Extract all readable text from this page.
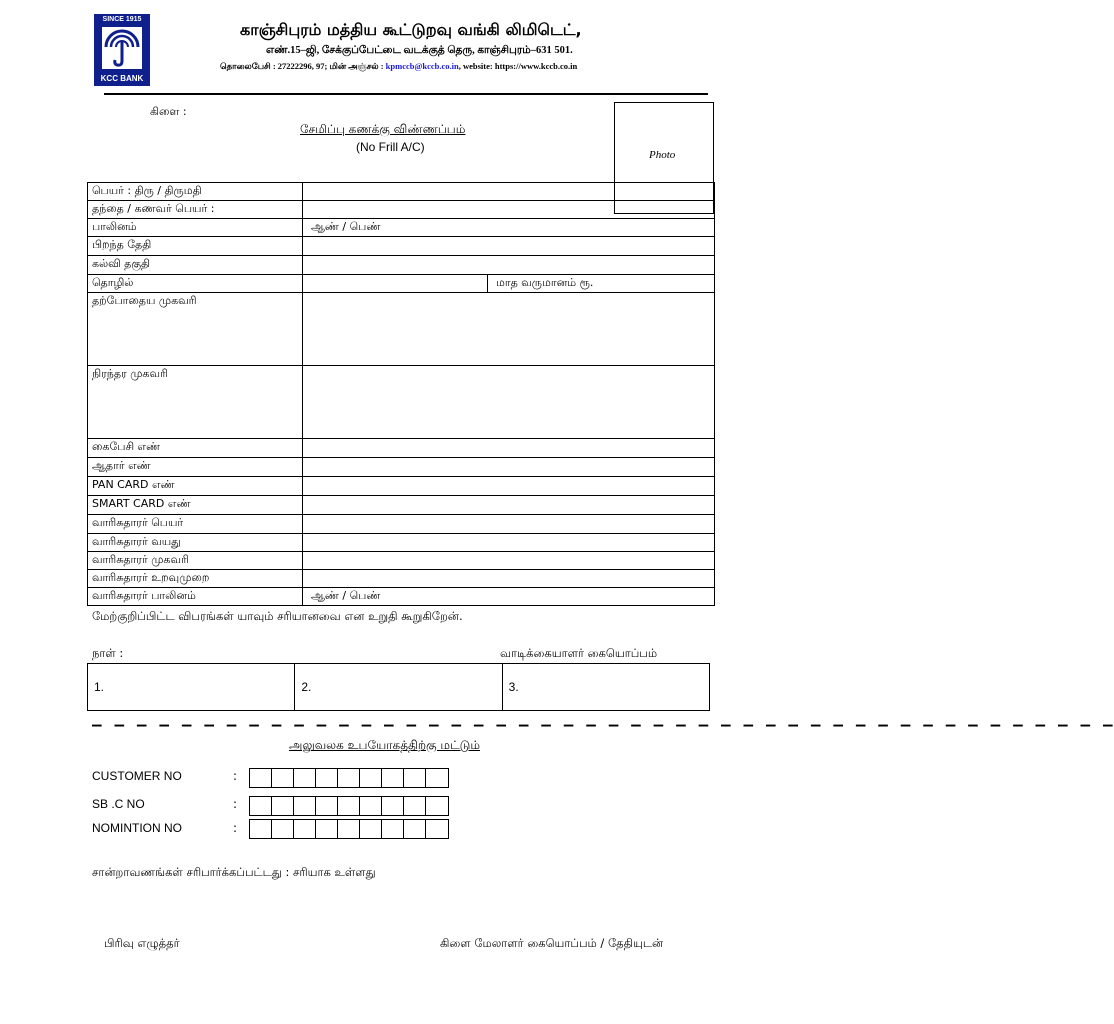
SINCE 1915
KCC BANK
காஞ்சிபுரம் மத்திய கூட்டுறவு வங்கி லிமிடெட்,
எண்.15–ஜி, சேக்குப்பேட்டை வடக்குத் தெரு, காஞ்சிபுரம்–631 501.
தொலைபேசி : 27222296, 97; மின் அஞ்சல் : kpmccb@kccb.co.in, website: https://www.kccb.co.in
கிளை :
சேமிப்பு கணக்கு விண்ணப்பம்
(No Frill A/C)
Photo
பெயர் : திரு / திருமதி		
தந்தை / கணவர் பெயர் :		
பாலினம்	ஆண் / பெண்	
பிறந்த தேதி		
கல்வி தகுதி		
தொழில்		மாத வருமானம் ரூ.
தற்போதைய முகவரி		
நிரந்தர முகவரி		
கைபேசி எண்		
ஆதார் எண்		
PAN CARD எண்		
SMART CARD எண்		
வாரிசுதாரர் பெயர்		
வாரிசுதாரர் வயது		
வாரிசுதாரர் முகவரி		
வாரிசுதாரர் உறவுமுறை		
வாரிசுதாரர் பாலினம்	ஆண் / பெண்	
மேற்குறிப்பிட்ட விபரங்கள் யாவும் சரியானவை என உறுதி கூறுகிறேன்.
நாள் :	வாடிக்கையாளர் கையொப்பம்
1.	2.	3.
– – – – – – – – – – – – – – – – – – – – – – – – – – – – – – – – – – – – – – – – – – – – – –
அலுவலக உபயோகத்திற்கு மட்டும்
CUSTOMER NO	:
SB .C NO	:
NOMINTION NO	:
சான்றாவணங்கள் சரிபார்க்கப்பட்டது : சரியாக உள்ளது
பிரிவு எழுத்தர்	கிளை மேலாளர் கையொப்பம் / தேதியுடன்
